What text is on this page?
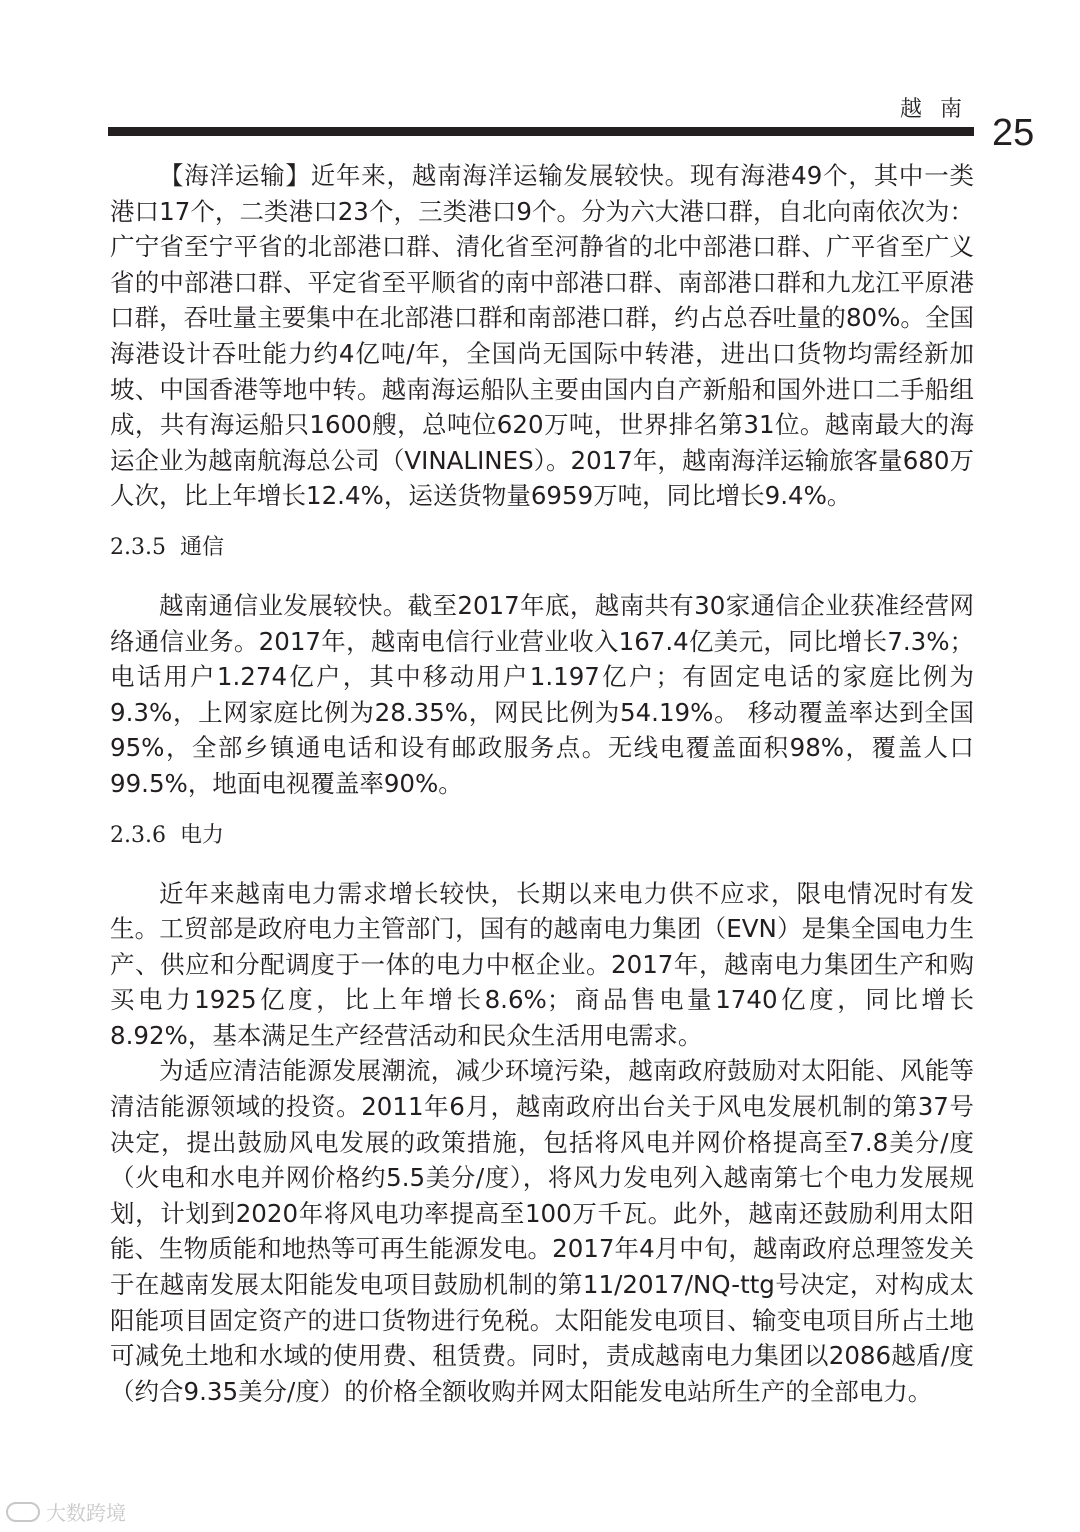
越南
25

【海洋运输】近年来，越南海洋运输发展较快。现有海港49个，其中一类港口17个，二类港口23个，三类港口9个。分为六大港口群，自北向南依次为：广宁省至宁平省的北部港口群、清化省至河静省的北中部港口群、广平省至广义省的中部港口群、平定省至平顺省的南中部港口群、南部港口群和九龙江平原港口群，吞吐量主要集中在北部港口群和南部港口群，约占总吞吐量的80%。全国海港设计吞吐能力约4亿吨/年，全国尚无国际中转港，进出口货物均需经新加坡、中国香港等地中转。越南海运船队主要由国内自产新船和国外进口二手船组成，共有海运船只1600艘，总吨位620万吨，世界排名第31位。越南最大的海运企业为越南航海总公司（VINALINES）。2017年，越南海洋运输旅客量680万人次，比上年增长12.4%，运送货物量6959万吨，同比增长9.4%。

2.3.5 通信

越南通信业发展较快。截至2017年底，越南共有30家通信企业获准经营网络通信业务。2017年，越南电信行业营业收入167.4亿美元，同比增长7.3%；电话用户1.274亿户，其中移动用户1.197亿户；有固定电话的家庭比例为9.3%，上网家庭比例为28.35%，网民比例为54.19%。 移动覆盖率达到全国95%，全部乡镇通电话和设有邮政服务点。无线电覆盖面积98%，覆盖人口99.5%，地面电视覆盖率90%。

2.3.6 电力

近年来越南电力需求增长较快，长期以来电力供不应求，限电情况时有发生。工贸部是政府电力主管部门，国有的越南电力集团（EVN）是集全国电力生产、供应和分配调度于一体的电力中枢企业。2017年，越南电力集团生产和购买电力1925亿度，比上年增长8.6%；商品售电量1740亿度，同比增长8.92%，基本满足生产经营活动和民众生活用电需求。

为适应清洁能源发展潮流，减少环境污染，越南政府鼓励对太阳能、风能等清洁能源领域的投资。2011年6月，越南政府出台关于风电发展机制的第37号决定，提出鼓励风电发展的政策措施，包括将风电并网价格提高至7.8美分/度（火电和水电并网价格约5.5美分/度），将风力发电列入越南第七个电力发展规划，计划到2020年将风电功率提高至100万千瓦。此外，越南还鼓励利用太阳能、生物质能和地热等可再生能源发电。2017年4月中旬，越南政府总理签发关于在越南发展太阳能发电项目鼓励机制的第11/2017/NQ-ttg号决定，对构成太阳能项目固定资产的进口货物进行免税。太阳能发电项目、输变电项目所占土地可减免土地和水域的使用费、租赁费。同时，责成越南电力集团以2086越盾/度（约合9.35美分/度）的价格全额收购并网太阳能发电站所生产的全部电力。

大数跨境
